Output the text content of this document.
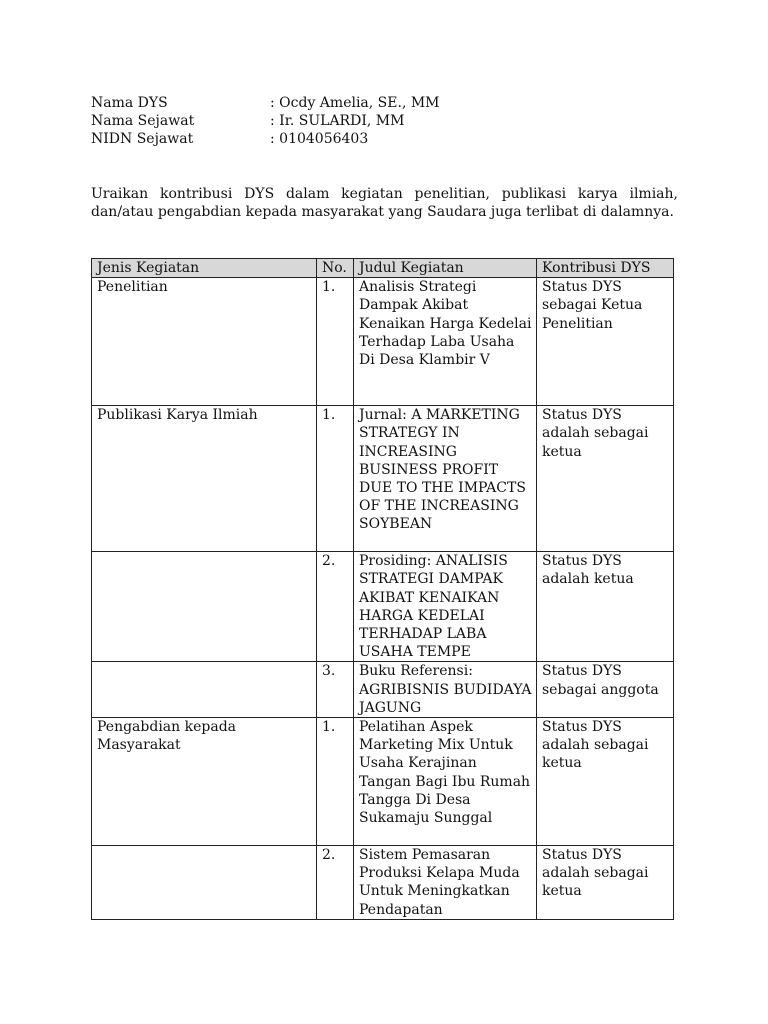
Nama DYS	: Ocdy Amelia, SE., MM
Nama Sejawat	: Ir. SULARDI, MM
NIDN Sejawat	: 0104056403

Uraikan kontribusi DYS dalam kegiatan penelitian, publikasi karya ilmiah, dan/atau pengabdian kepada masyarakat yang Saudara juga terlibat di dalamnya.

Jenis Kegiatan	No.	Judul Kegiatan	Kontribusi DYS
Penelitian	1.	Analisis Strategi Dampak Akibat Kenaikan Harga Kedelai Terhadap Laba Usaha Di Desa Klambir V	Status DYS sebagai Ketua Penelitian
Publikasi Karya Ilmiah	1.	Jurnal: A MARKETING STRATEGY IN INCREASING BUSINESS PROFIT DUE TO THE IMPACTS OF THE INCREASING SOYBEAN	Status DYS adalah sebagai ketua
	2.	Prosiding: ANALISIS STRATEGI DAMPAK AKIBAT KENAIKAN HARGA KEDELAI TERHADAP LABA USAHA TEMPE	Status DYS adalah ketua
	3.	Buku Referensi: AGRIBISNIS BUDIDAYA JAGUNG	Status DYS sebagai anggota
Pengabdian kepada Masyarakat	1.	Pelatihan Aspek Marketing Mix Untuk Usaha Kerajinan Tangan Bagi Ibu Rumah Tangga Di Desa Sukamaju Sunggal	Status DYS adalah sebagai ketua
	2.	Sistem Pemasaran Produksi Kelapa Muda Untuk Meningkatkan Pendapatan	Status DYS adalah sebagai ketua
